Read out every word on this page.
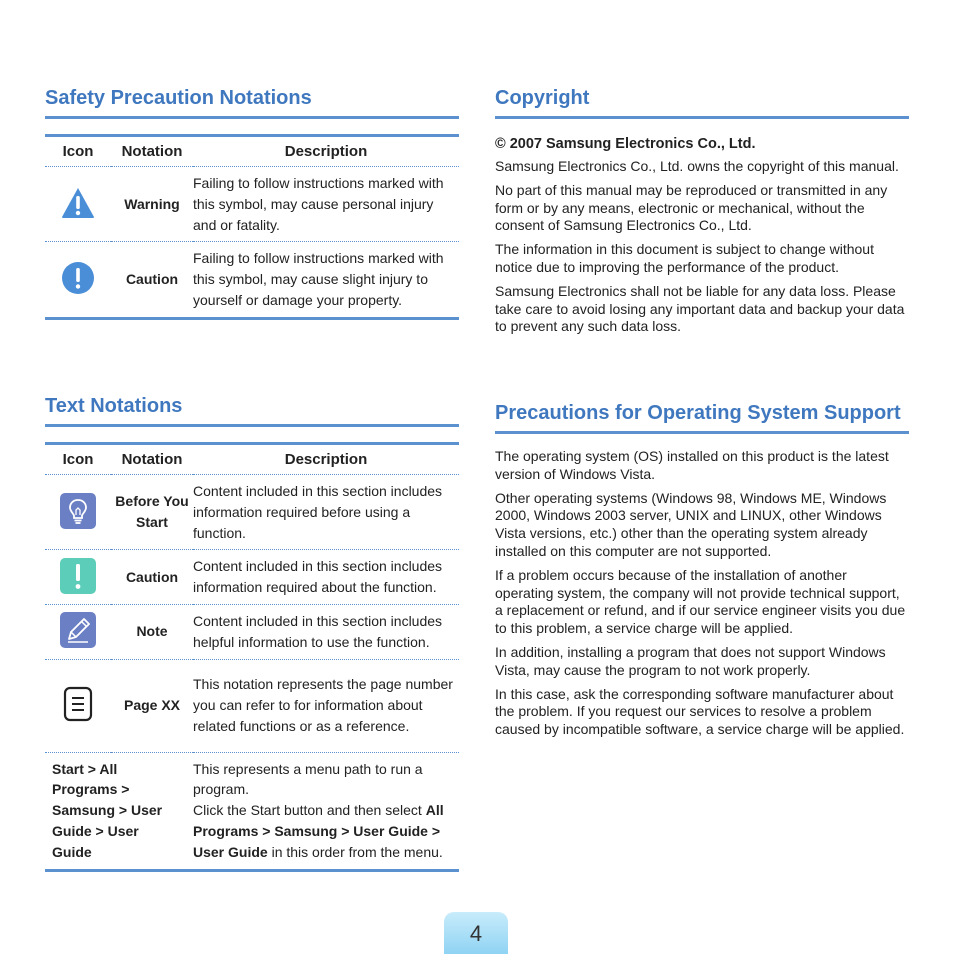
Safety Precaution Notations
Icon	Notation	Description
	Warning	Failing to follow instructions marked with this symbol, may cause personal injury and or fatality.
	Caution	Failing to follow instructions marked with this symbol, may cause slight injury to yourself or damage your property.
Text Notations
Icon	Notation	Description
	Before You Start	Content included in this section includes information required before using a function.
	Caution	Content included in this section includes information required about the function.
	Note	Content included in this section includes helpful information to use the function.
	Page XX	This notation represents the page number you can refer to for information about related functions or as a reference.
Start > All Programs > Samsung > User Guide > User Guide		This represents a menu path to run a program.
Click the Start button and then select All Programs > Samsung > User Guide > User Guide in this order from the menu.
Copyright
© 2007 Samsung Electronics Co., Ltd.

Samsung Electronics Co., Ltd. owns the copyright of this manual.

No part of this manual may be reproduced or transmitted in any form or by any means, electronic or mechanical, without the consent of Samsung Electronics Co., Ltd.

The information in this document is subject to change without notice due to improving the performance of the product.

Samsung Electronics shall not be liable for any data loss. Please take care to avoid losing any important data and backup your data to prevent any such data loss.

Precautions for Operating System Support

The operating system (OS) installed on this product is the latest version of Windows Vista.

Other operating systems (Windows 98, Windows ME, Windows 2000, Windows 2003 server, UNIX and LINUX, other Windows Vista versions, etc.) other than the operating system already installed on this computer are not supported.

If a problem occurs because of the installation of another operating system, the company will not provide technical support, a replacement or refund, and if our service engineer visits you due to this problem, a service charge will be applied.

In addition, installing a program that does not support Windows Vista, may cause the program to not work properly.

In this case, ask the corresponding software manufacturer about the problem. If you request our services to resolve a problem caused by incompatible software, a service charge will be applied.

4
